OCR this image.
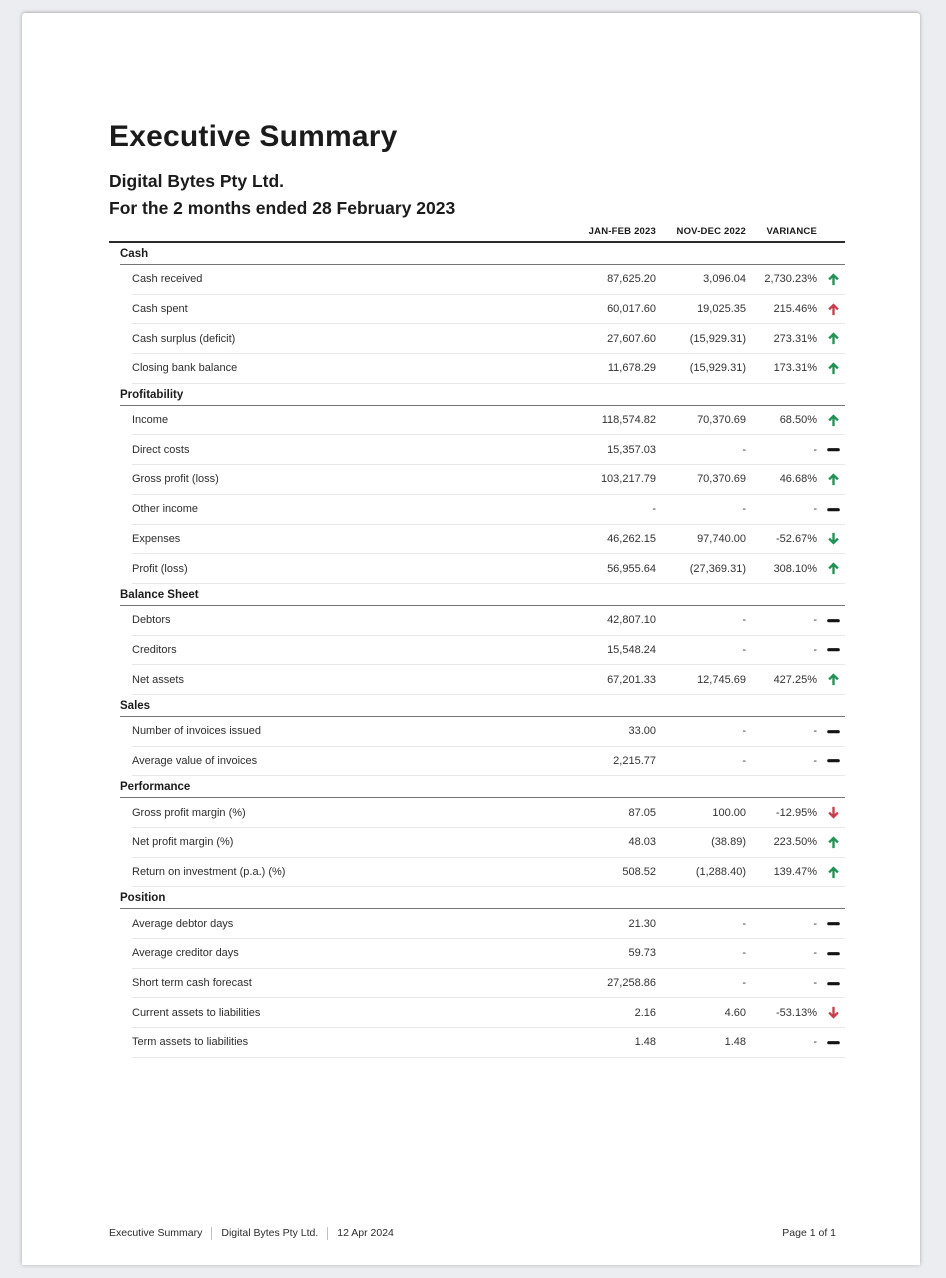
Executive Summary
Digital Bytes Pty Ltd.
For the 2 months ended 28 February 2023
JAN-FEB 2023	NOV-DEC 2022	VARIANCE
Cash
Cash received	87,625.20	3,096.04	2,730.23%
Cash spent	60,017.60	19,025.35	215.46%
Cash surplus (deficit)	27,607.60	(15,929.31)	273.31%
Closing bank balance	11,678.29	(15,929.31)	173.31%
Profitability
Income	118,574.82	70,370.69	68.50%
Direct costs	15,357.03	-	-
Gross profit (loss)	103,217.79	70,370.69	46.68%
Other income	-	-	-
Expenses	46,262.15	97,740.00	-52.67%
Profit (loss)	56,955.64	(27,369.31)	308.10%
Balance Sheet
Debtors	42,807.10	-	-
Creditors	15,548.24	-	-
Net assets	67,201.33	12,745.69	427.25%
Sales
Number of invoices issued	33.00	-	-
Average value of invoices	2,215.77	-	-
Performance
Gross profit margin (%)	87.05	100.00	-12.95%
Net profit margin (%)	48.03	(38.89)	223.50%
Return on investment (p.a.) (%)	508.52	(1,288.40)	139.47%
Position
Average debtor days	21.30	-	-
Average creditor days	59.73	-	-
Short term cash forecast	27,258.86	-	-
Current assets to liabilities	2.16	4.60	-53.13%
Term assets to liabilities	1.48	1.48	-
Executive Summary Digital Bytes Pty Ltd. 12 Apr 2024	Page 1 of 1
